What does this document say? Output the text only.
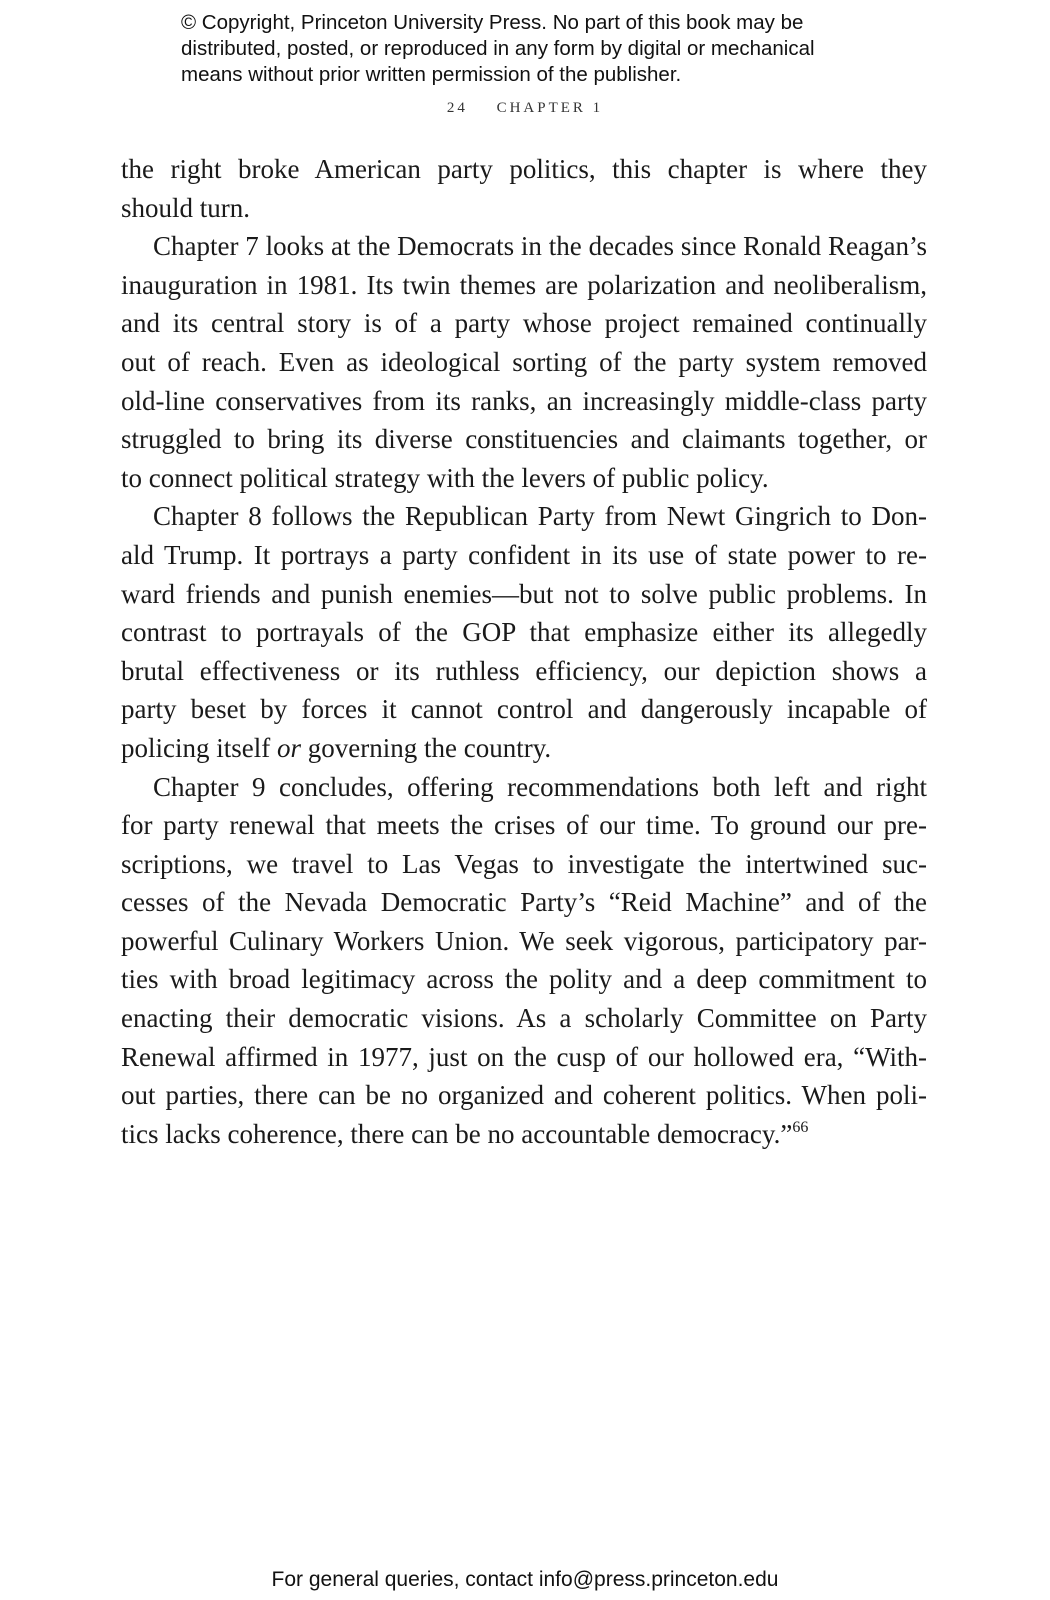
© Copyright, Princeton University Press. No part of this book may be
distributed, posted, or reproduced in any form by digital or mechanical
means without prior written permission of the publisher.
24 CHAPTER 1
the right broke American party politics, this chapter is where they
should turn.
Chapter 7 looks at the Democrats in the decades since Ronald Reagan’s
inauguration in 1981. Its twin themes are polarization and neoliberalism,
and its central story is of a party whose project remained continually
out of reach. Even as ideological sorting of the party system removed
old-line conservatives from its ranks, an increasingly middle-class party
struggled to bring its diverse constituencies and claimants together, or
to connect political strategy with the levers of public policy.
Chapter 8 follows the Republican Party from Newt Gingrich to Don-
ald Trump. It portrays a party confident in its use of state power to re-
ward friends and punish enemies—but not to solve public problems. In
contrast to portrayals of the GOP that emphasize either its allegedly
brutal effectiveness or its ruthless efficiency, our depiction shows a
party beset by forces it cannot control and dangerously incapable of
policing itself or governing the country.
Chapter 9 concludes, offering recommendations both left and right
for party renewal that meets the crises of our time. To ground our pre-
scriptions, we travel to Las Vegas to investigate the intertwined suc-
cesses of the Nevada Democratic Party’s “Reid Machine” and of the
powerful Culinary Workers Union. We seek vigorous, participatory par-
ties with broad legitimacy across the polity and a deep commitment to
enacting their democratic visions. As a scholarly Committee on Party
Renewal affirmed in 1977, just on the cusp of our hollowed era, “With-
out parties, there can be no organized and coherent politics. When poli-
tics lacks coherence, there can be no accountable democracy.”$^{66}$
For general queries, contact info@press.princeton.edu
